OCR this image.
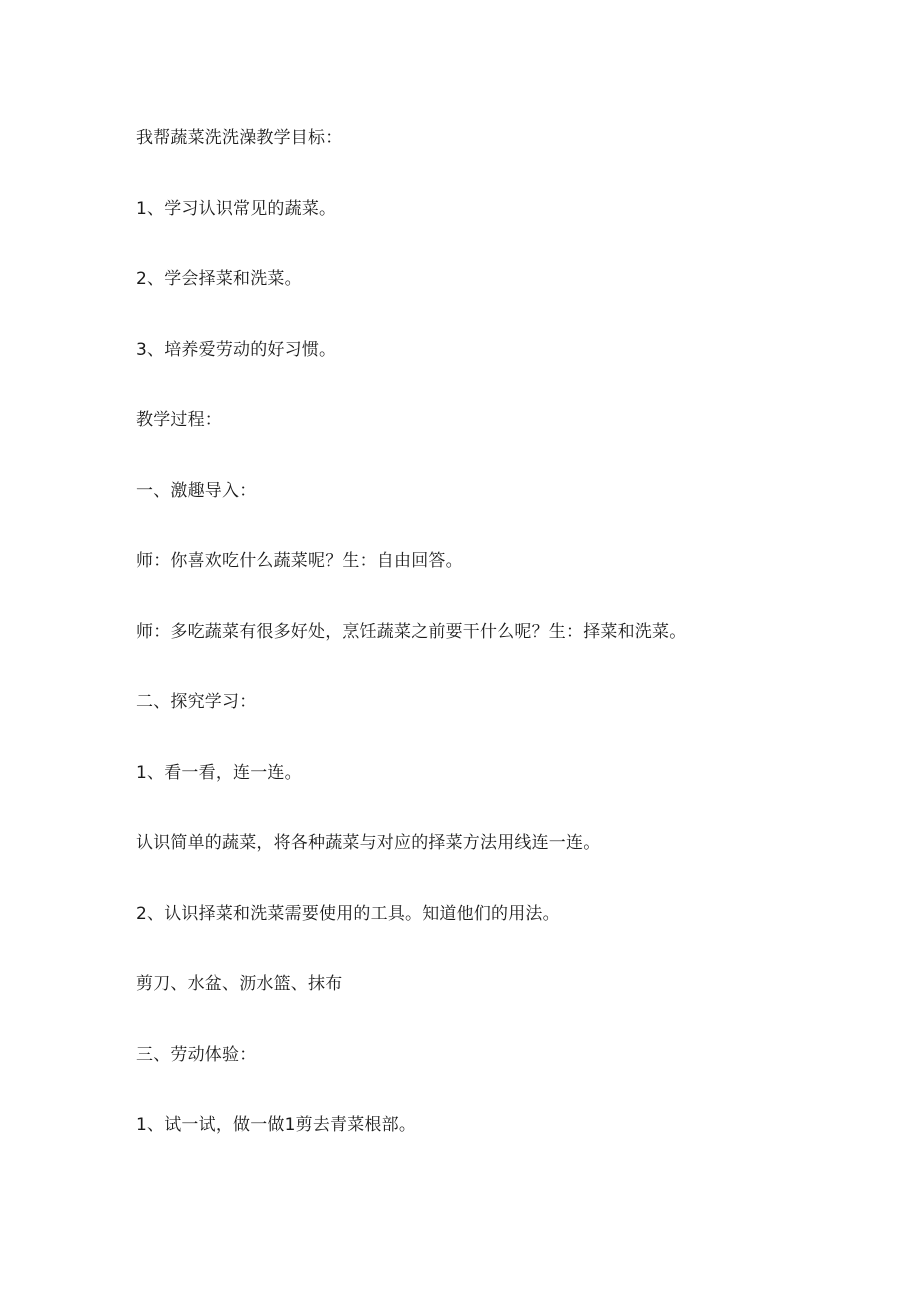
我帮蔬菜洗洗澡教学目标：

1、学习认识常见的蔬菜。

2、学会择菜和洗菜。

3、培养爱劳动的好习惯。

教学过程：

一、激趣导入：

师：你喜欢吃什么蔬菜呢？生：自由回答。

师：多吃蔬菜有很多好处，烹饪蔬菜之前要干什么呢？生：择菜和洗菜。

二、探究学习：

1、看一看，连一连。

认识简单的蔬菜，将各种蔬菜与对应的择菜方法用线连一连。

2、认识择菜和洗菜需要使用的工具。知道他们的用法。

剪刀、水盆、沥水篮、抹布

三、劳动体验：

1、试一试，做一做1剪去青菜根部。
